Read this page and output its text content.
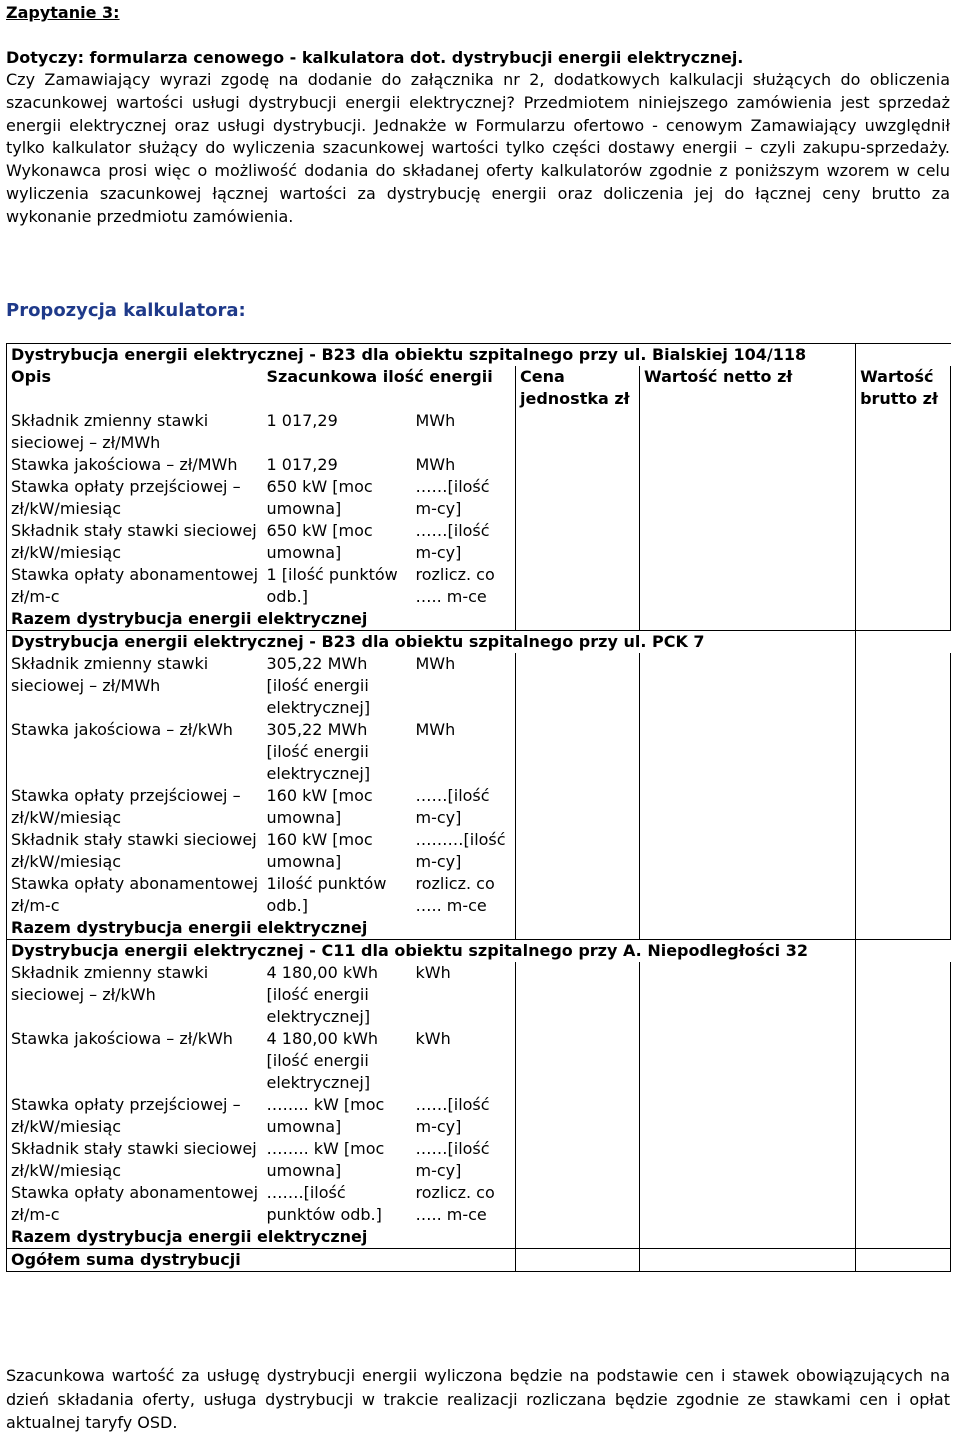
Zapytanie 3:
Dotyczy: formularza cenowego - kalkulatora dot. dystrybucji energii elektrycznej.
Czy Zamawiający wyrazi zgodę na dodanie do załącznika nr 2, dodatkowych kalkulacji służących do obliczenia szacunkowej wartości usługi dystrybucji energii elektrycznej? Przedmiotem niniejszego zamówienia jest sprzedaż energii elektrycznej oraz usługi dystrybucji. Jednakże w Formularzu ofertowo - cenowym Zamawiający uwzględnił tylko kalkulator służący do wyliczenia szacunkowej wartości tylko części dostawy energii – czyli zakupu-sprzedaży. Wykonawca prosi więc o możliwość dodania do składanej oferty kalkulatorów zgodnie z poniższym wzorem w celu wyliczenia szacunkowej łącznej wartości za dystrybucję energii oraz doliczenia jej do łącznej ceny brutto za wykonanie przedmiotu zamówienia.
Propozycja kalkulatora:
Dystrybucja energii elektrycznej - B23 dla obiektu szpitalnego przy ul. Bialskiej 104/118					
Opis	Szacunkowa ilość energii		Cena jednostka zł	Wartość netto zł	Wartość brutto zł
Składnik zmienny stawki sieciowej – zł/MWh	1 017,29	MWh			
Stawka jakościowa – zł/MWh	1 017,29	MWh			
Stawka opłaty przejściowej – zł/kW/miesiąc	650 kW [moc umowna]	……[ilość m-cy]			
Składnik stały stawki sieciowej zł/kW/miesiąc	650 kW [moc umowna]	……[ilość m-cy]			
Stawka opłaty abonamentowej zł/m-c	1 [ilość punktów odb.]	rozlicz. co ….. m-ce			
Razem dystrybucja energii elektrycznej					
Dystrybucja energii elektrycznej - B23 dla obiektu szpitalnego przy ul. PCK 7					
Składnik zmienny stawki sieciowej – zł/MWh	305,22 MWh [ilość energii elektrycznej]	MWh			
Stawka jakościowa – zł/kWh	305,22 MWh [ilość energii elektrycznej]	MWh			
Stawka opłaty przejściowej – zł/kW/miesiąc	160 kW [moc umowna]	……[ilość m-cy]			
Składnik stały stawki sieciowej zł/kW/miesiąc	160 kW [moc umowna]	………[ilość m-cy]			
Stawka opłaty abonamentowej zł/m-c	1ilość punktów odb.]	rozlicz. co ….. m-ce			
Razem dystrybucja energii elektrycznej					
Dystrybucja energii elektrycznej - C11 dla obiektu szpitalnego przy A. Niepodległości 32					
Składnik zmienny stawki sieciowej – zł/kWh	4 180,00 kWh [ilość energii elektrycznej]	kWh			
Stawka jakościowa – zł/kWh	4 180,00 kWh [ilość energii elektrycznej]	kWh			
Stawka opłaty przejściowej – zł/kW/miesiąc	…….. kW [moc umowna]	……[ilość m-cy]			
Składnik stały stawki sieciowej zł/kW/miesiąc	…….. kW [moc umowna]	……[ilość m-cy]			
Stawka opłaty abonamentowej zł/m-c	…….[ilość punktów odb.]	rozlicz. co ….. m-ce			
Razem dystrybucja energii elektrycznej					
Ogółem suma dystrybucji					
Szacunkowa wartość za usługę dystrybucji energii wyliczona będzie na podstawie cen i stawek obowiązujących na dzień składania oferty, usługa dystrybucji w trakcie realizacji rozliczana będzie zgodnie ze stawkami cen i opłat aktualnej taryfy OSD.
